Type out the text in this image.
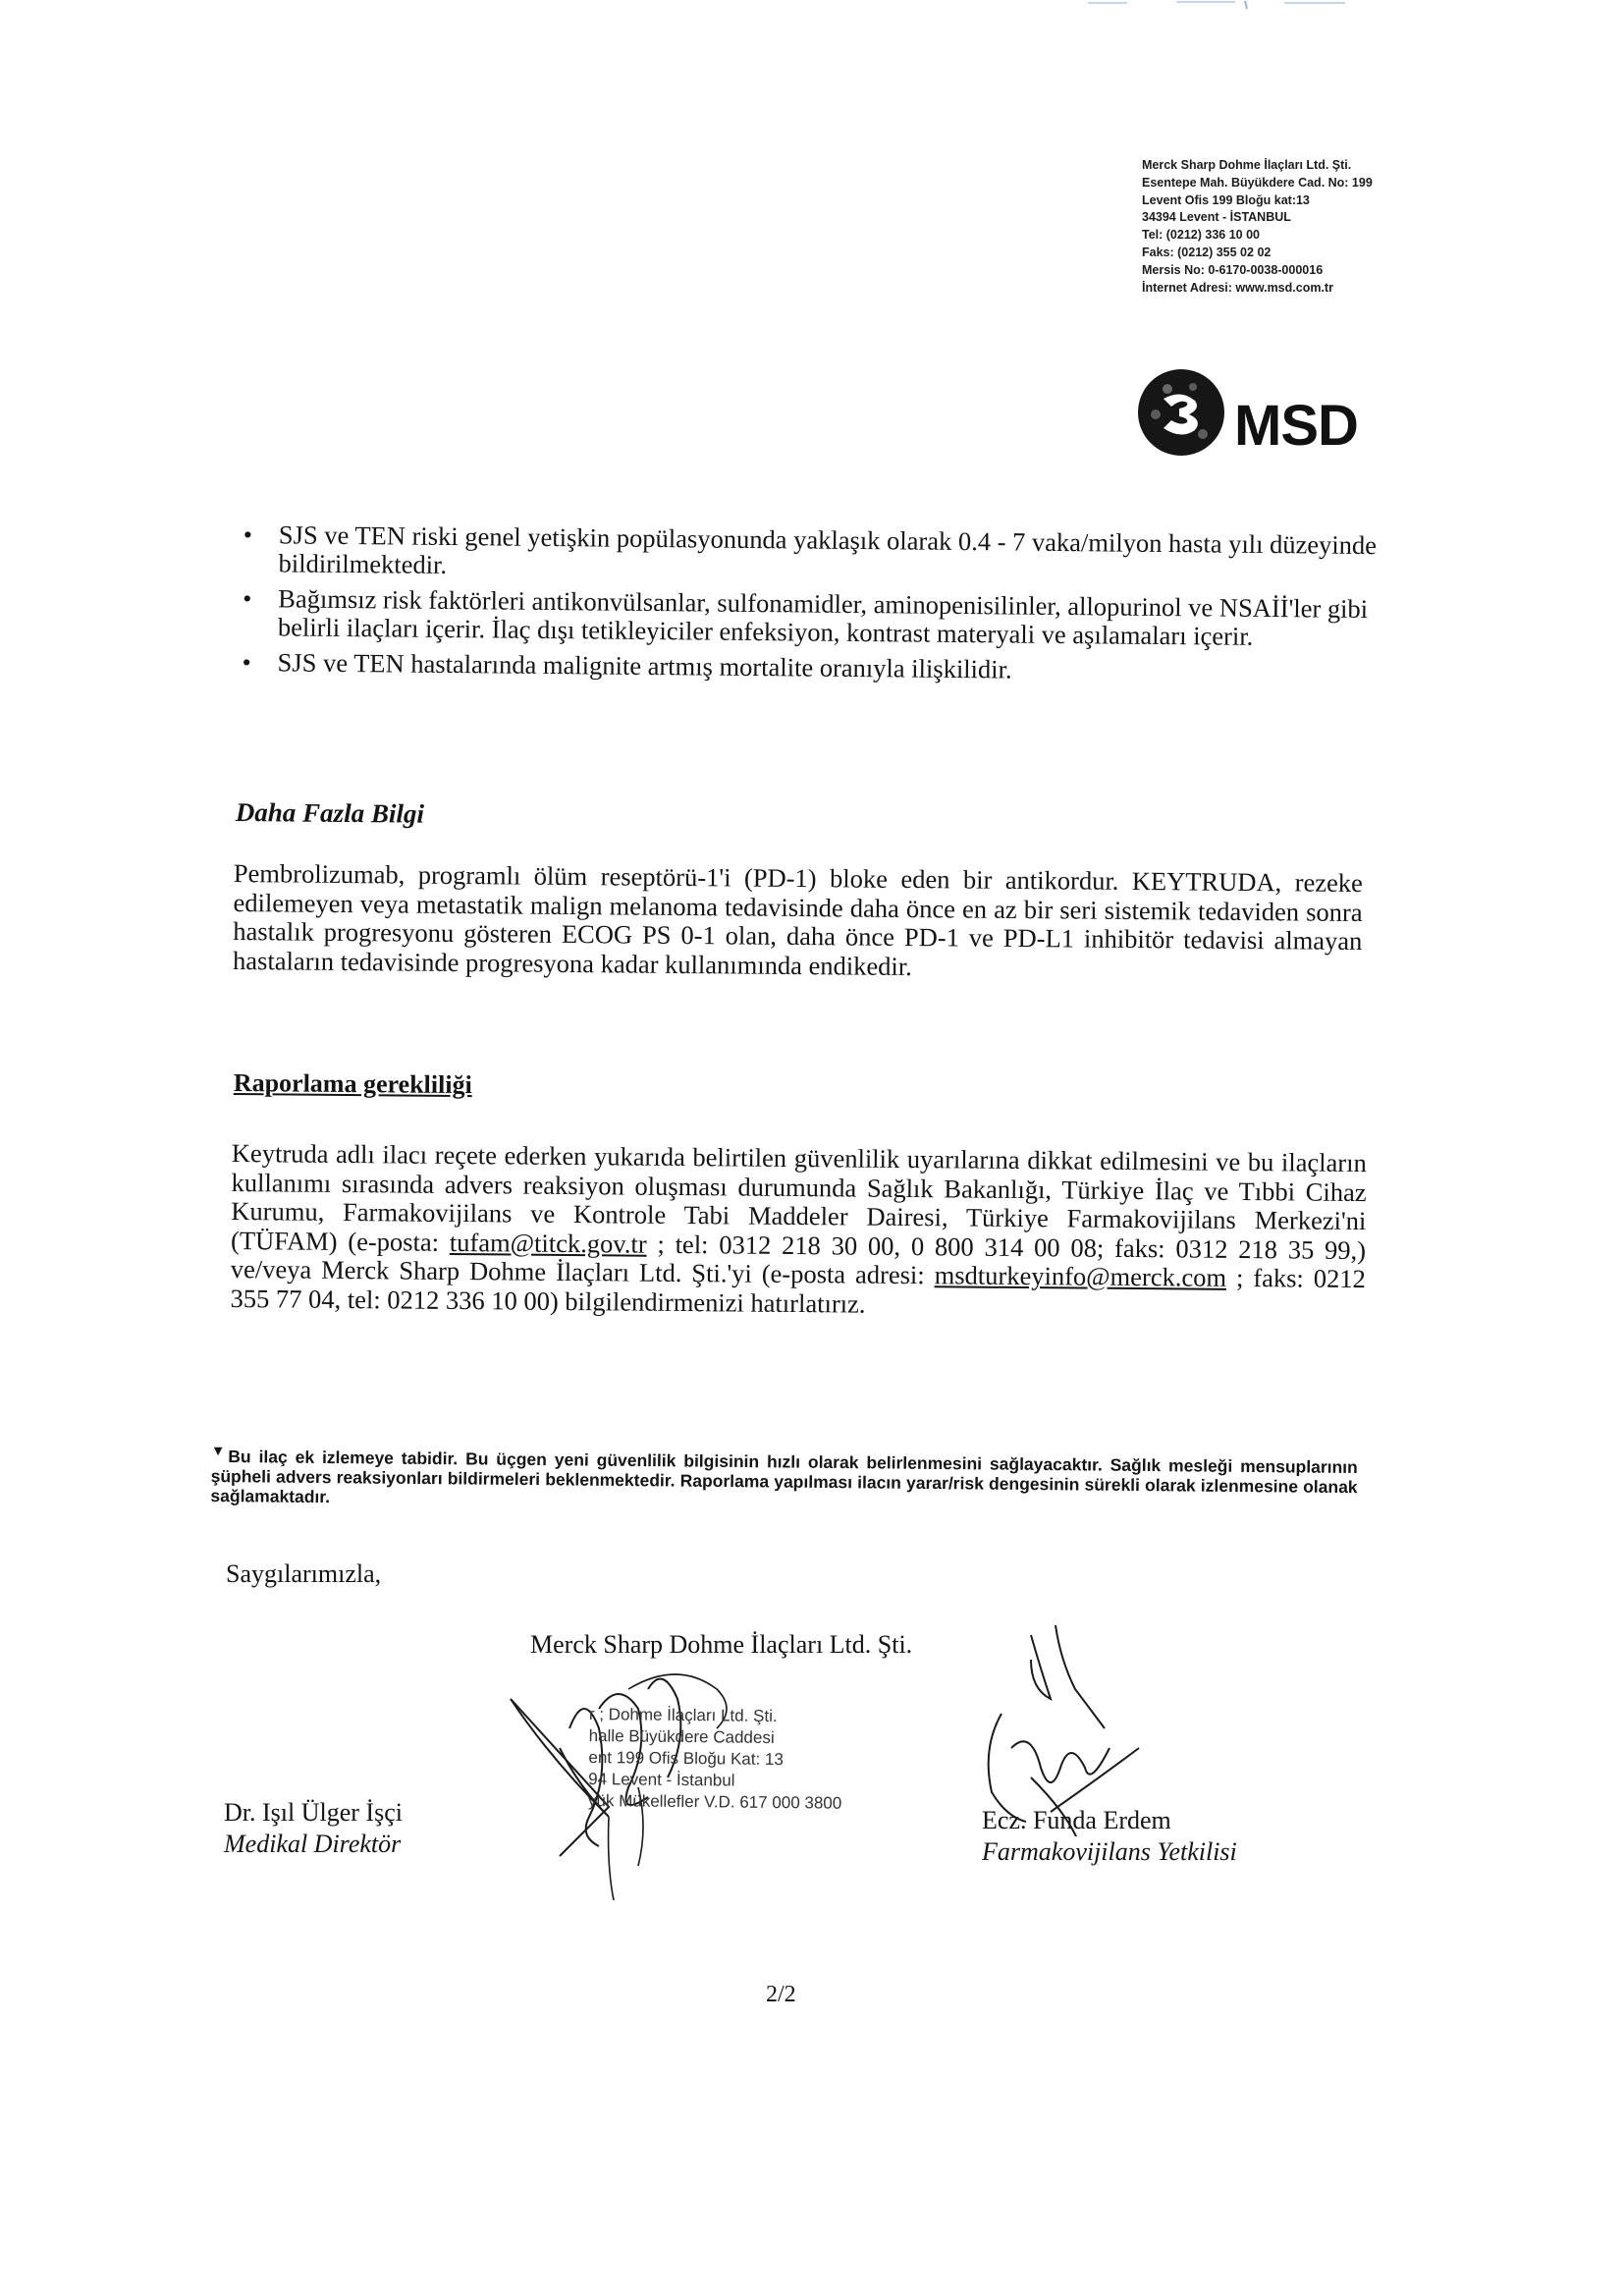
Merck Sharp Dohme İlaçları Ltd. Şti.
Esentepe Mah. Büyükdere Cad. No: 199
Levent Ofis 199 Bloğu kat:13
34394 Levent - İSTANBUL
Tel: (0212) 336 10 00
Faks: (0212) 355 02 02
Mersis No: 0-6170-0038-000016
İnternet Adresi: www.msd.com.tr
MSD
• SJS ve TEN riski genel yetişkin popülasyonunda yaklaşık olarak 0.4 - 7 vaka/milyon hasta yılı düzeyinde bildirilmektedir.
• Bağımsız risk faktörleri antikonvülsanlar, sulfonamidler, aminopenisilinler, allopurinol ve NSAİİ'ler gibi belirli ilaçları içerir. İlaç dışı tetikleyiciler enfeksiyon, kontrast materyali ve aşılamaları içerir.
• SJS ve TEN hastalarında malignite artmış mortalite oranıyla ilişkilidir.
Daha Fazla Bilgi
Pembrolizumab, programlı ölüm reseptörü-1'i (PD-1) bloke eden bir antikordur. KEYTRUDA, rezeke edilemeyen veya metastatik malign melanoma tedavisinde daha önce en az bir seri sistemik tedaviden sonra hastalık progresyonu gösteren ECOG PS 0-1 olan, daha önce PD-1 ve PD-L1 inhibitör tedavisi almayan hastaların tedavisinde progresyona kadar kullanımında endikedir.
Raporlama gerekliliği
Keytruda adlı ilacı reçete ederken yukarıda belirtilen güvenlilik uyarılarına dikkat edilmesini ve bu ilaçların kullanımı sırasında advers reaksiyon oluşması durumunda Sağlık Bakanlığı, Türkiye İlaç ve Tıbbi Cihaz Kurumu, Farmakovijilans ve Kontrole Tabi Maddeler Dairesi, Türkiye Farmakovijilans Merkezi'ni (TÜFAM) (e-posta: tufam@titck.gov.tr ; tel: 0312 218 30 00, 0 800 314 00 08; faks: 0312 218 35 99,) ve/veya Merck Sharp Dohme İlaçları Ltd. Şti.'yi (e-posta adresi: msdturkeyinfo@merck.com ; faks: 0212 355 77 04, tel: 0212 336 10 00) bilgilendirmenizi hatırlatırız.
▼Bu ilaç ek izlemeye tabidir. Bu üçgen yeni güvenlilik bilgisinin hızlı olarak belirlenmesini sağlayacaktır. Sağlık mesleği mensuplarının şüpheli advers reaksiyonları bildirmeleri beklenmektedir. Raporlama yapılması ilacın yarar/risk dengesinin sürekli olarak izlenmesine olanak sağlamaktadır.
Saygılarımızla,
Merck Sharp Dohme İlaçları Ltd. Şti.
r ; Dohme İlaçları Ltd. Şti.
halle Büyükdere Caddesi
ent 199 Ofis Bloğu Kat: 13
94 Levent - İstanbul
yük Mükellefler V.D. 617 000 3800
Dr. Işıl Ülger İşçi
Medikal Direktör
Ecz. Funda Erdem
Farmakovijilans Yetkilisi
2/2
